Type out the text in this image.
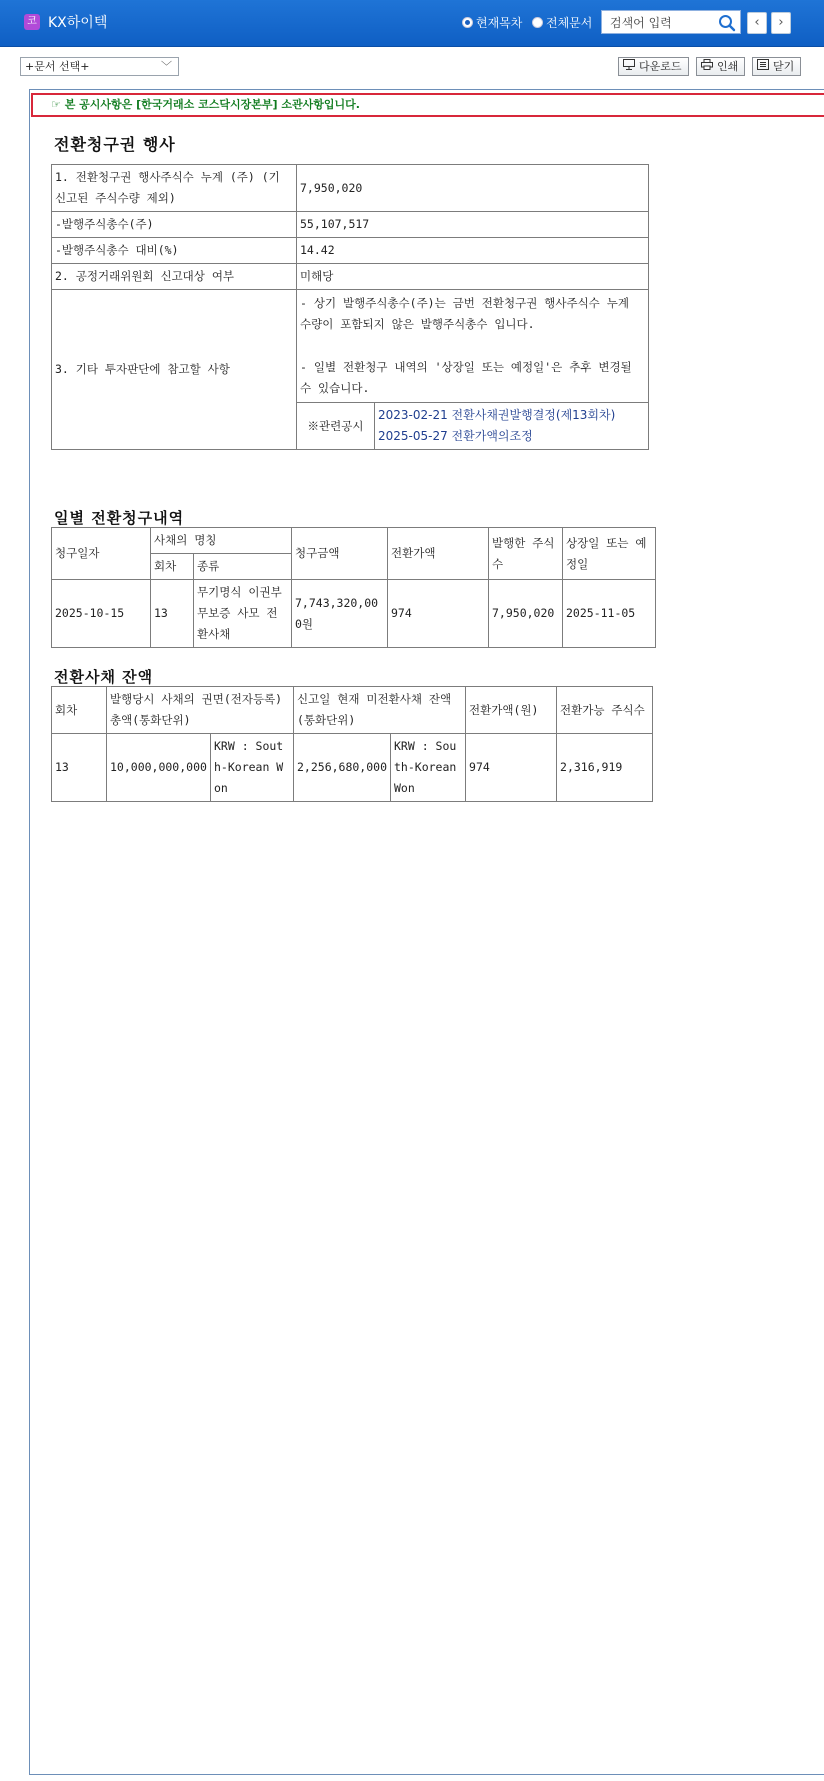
코 KX하이텍	현재목차 전체문서
검색어 입력	‹	›
+문서 선택+	﹀	다운로드	인쇄	닫기
☞ 본 공시사항은 [한국거래소 코스닥시장본부] 소관사항입니다.
전환청구권 행사
1. 전환청구권 행사주식수 누계 (주) (기 신고된 주식수량 제외)	7,950,020	
-발행주식총수(주)	55,107,517	
-발행주식총수 대비(%)	14.42	
2. 공정거래위원회 신고대상 여부	미해당	
3. 기타 투자판단에 참고할 사항	- 상기 발행주식총수(주)는 금번 전환청구권 행사주식수 누계 수량이 포함되지 않은 발행주식총수 입니다.
- 일별 전환청구 내역의 '상장일 또는 예정일'은 추후 변경될 수 있습니다.	

	※관련공시	2023-02-21 전환사채권발행결정(제13회차)
2025-05-27 전환가액의조정
일별 전환청구내역
청구일자	사채의 명칭		청구금액	전환가액	발행한 주식수	상장일 또는 예정일
	회차	종류				
2025-10-15	13	무기명식 이권부 무보증 사모 전환사채	7,743,320,000원	974	7,950,020	2025-11-05
전환사채 잔액
회차	발행당시 사채의 권면(전자등록)총액(통화단위)		신고일 현재 미전환사채 잔액 (통화단위)		전환가액(원)	전환가능 주식수
13	10,000,000,000	KRW : South-Korean Won	2,256,680,000	KRW : South-Korean Won	974	2,316,919
